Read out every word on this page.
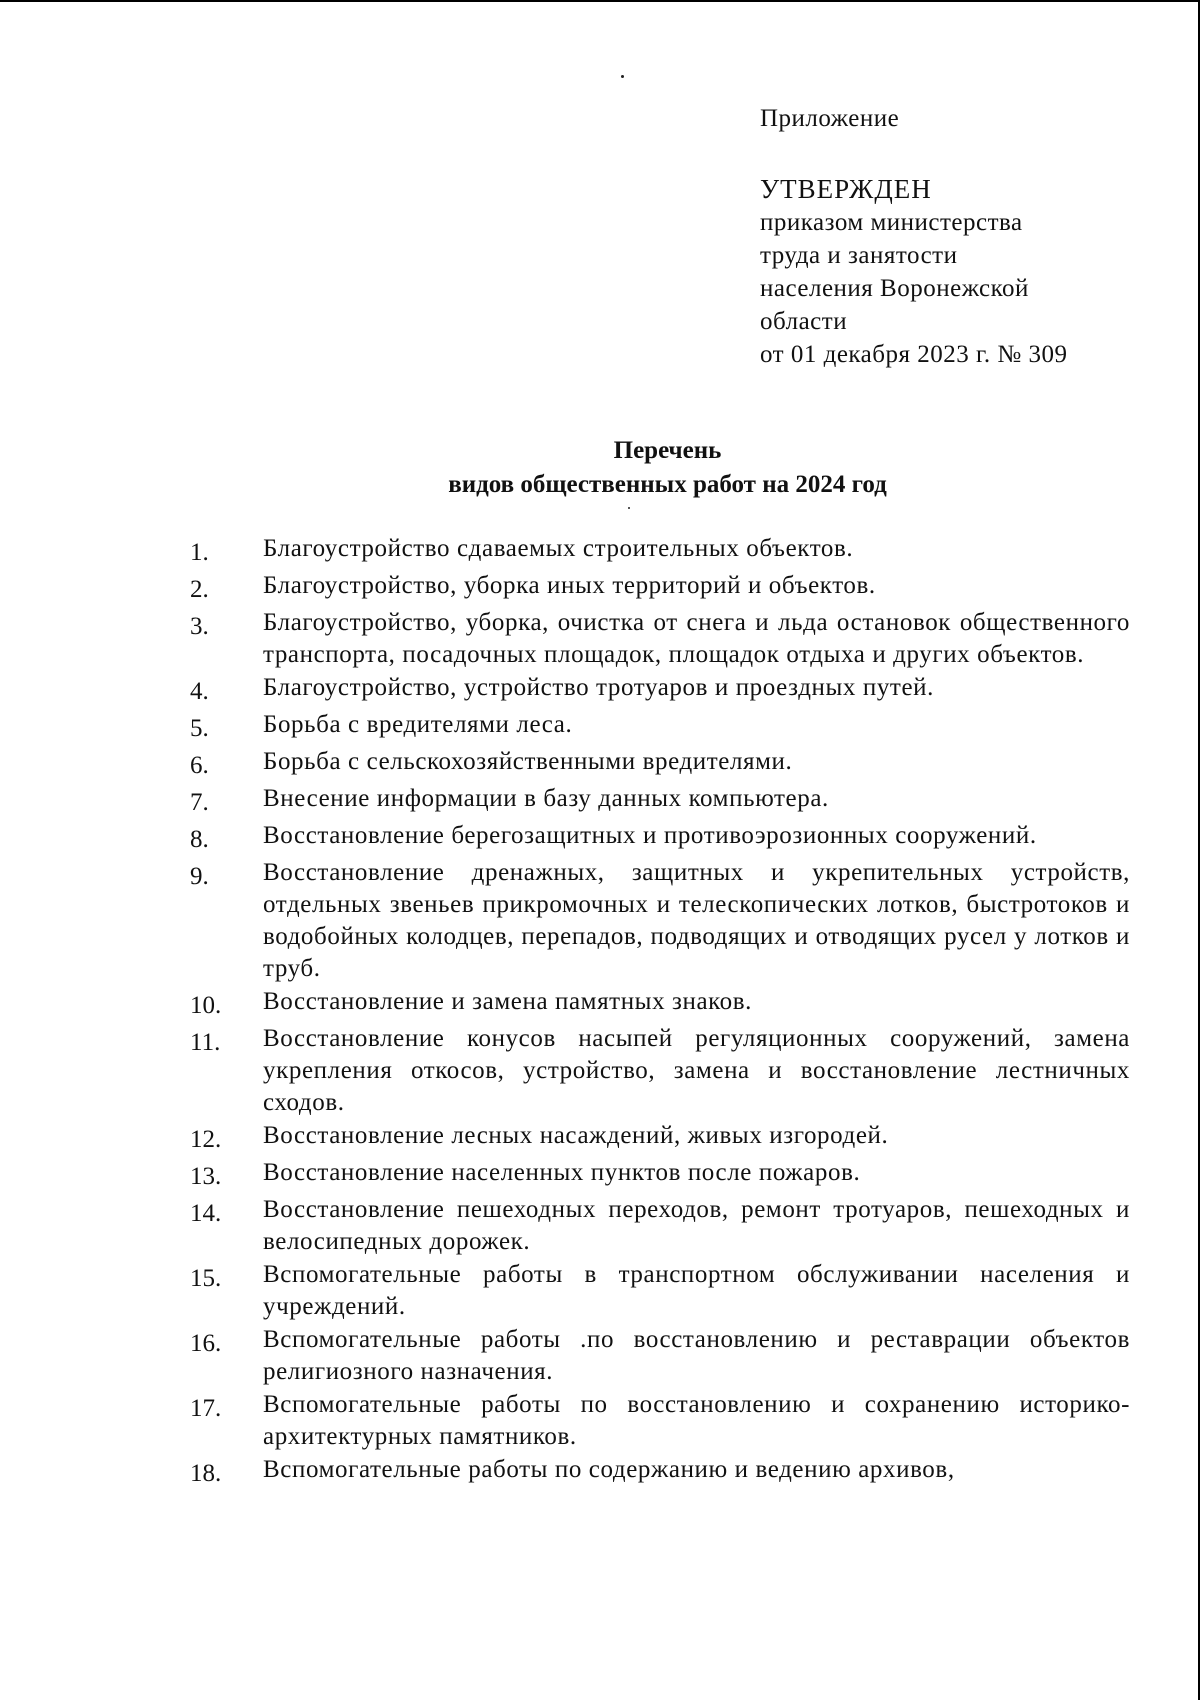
Приложение
УТВЕРЖДЕН
приказом министерства
труда и занятости
населения Воронежской
области
от 01 декабря 2023 г. № 309
Перечень
видов общественных работ на 2024 год
1.	Благоустройство сдаваемых строительных объектов.
2.	Благоустройство, уборка иных территорий и объектов.
3.	Благоустройство, уборка, очистка от снега и льда остановок общественного транспорта, посадочных площадок, площадок отдыха и других объектов.
4.	Благоустройство, устройство тротуаров и проездных путей.
5.	Борьба с вредителями леса.
6.	Борьба с сельскохозяйственными вредителями.
7.	Внесение информации в базу данных компьютера.
8.	Восстановление берегозащитных и противоэрозионных сооружений.
9.	Восстановление дренажных, защитных и укрепительных устройств, отдельных звеньев прикромочных и телескопических лотков, быстротоков и водобойных колодцев, перепадов, подводящих и отводящих русел у лотков и труб.
10.	Восстановление и замена памятных знаков.
11.	Восстановление конусов насыпей регуляционных сооружений, замена укрепления откосов, устройство, замена и восстановление лестничных сходов.
12.	Восстановление лесных насаждений, живых изгородей.
13.	Восстановление населенных пунктов после пожаров.
14.	Восстановление пешеходных переходов, ремонт тротуаров, пешеходных и велосипедных дорожек.
15.	Вспомогательные работы в транспортном обслуживании населения и учреждений.
16.	Вспомогательные работы .по восстановлению и реставрации объектов религиозного назначения.
17.	Вспомогательные работы по восстановлению и сохранению историко-архитектурных памятников.
18.	Вспомогательные работы по содержанию и ведению архивов,
